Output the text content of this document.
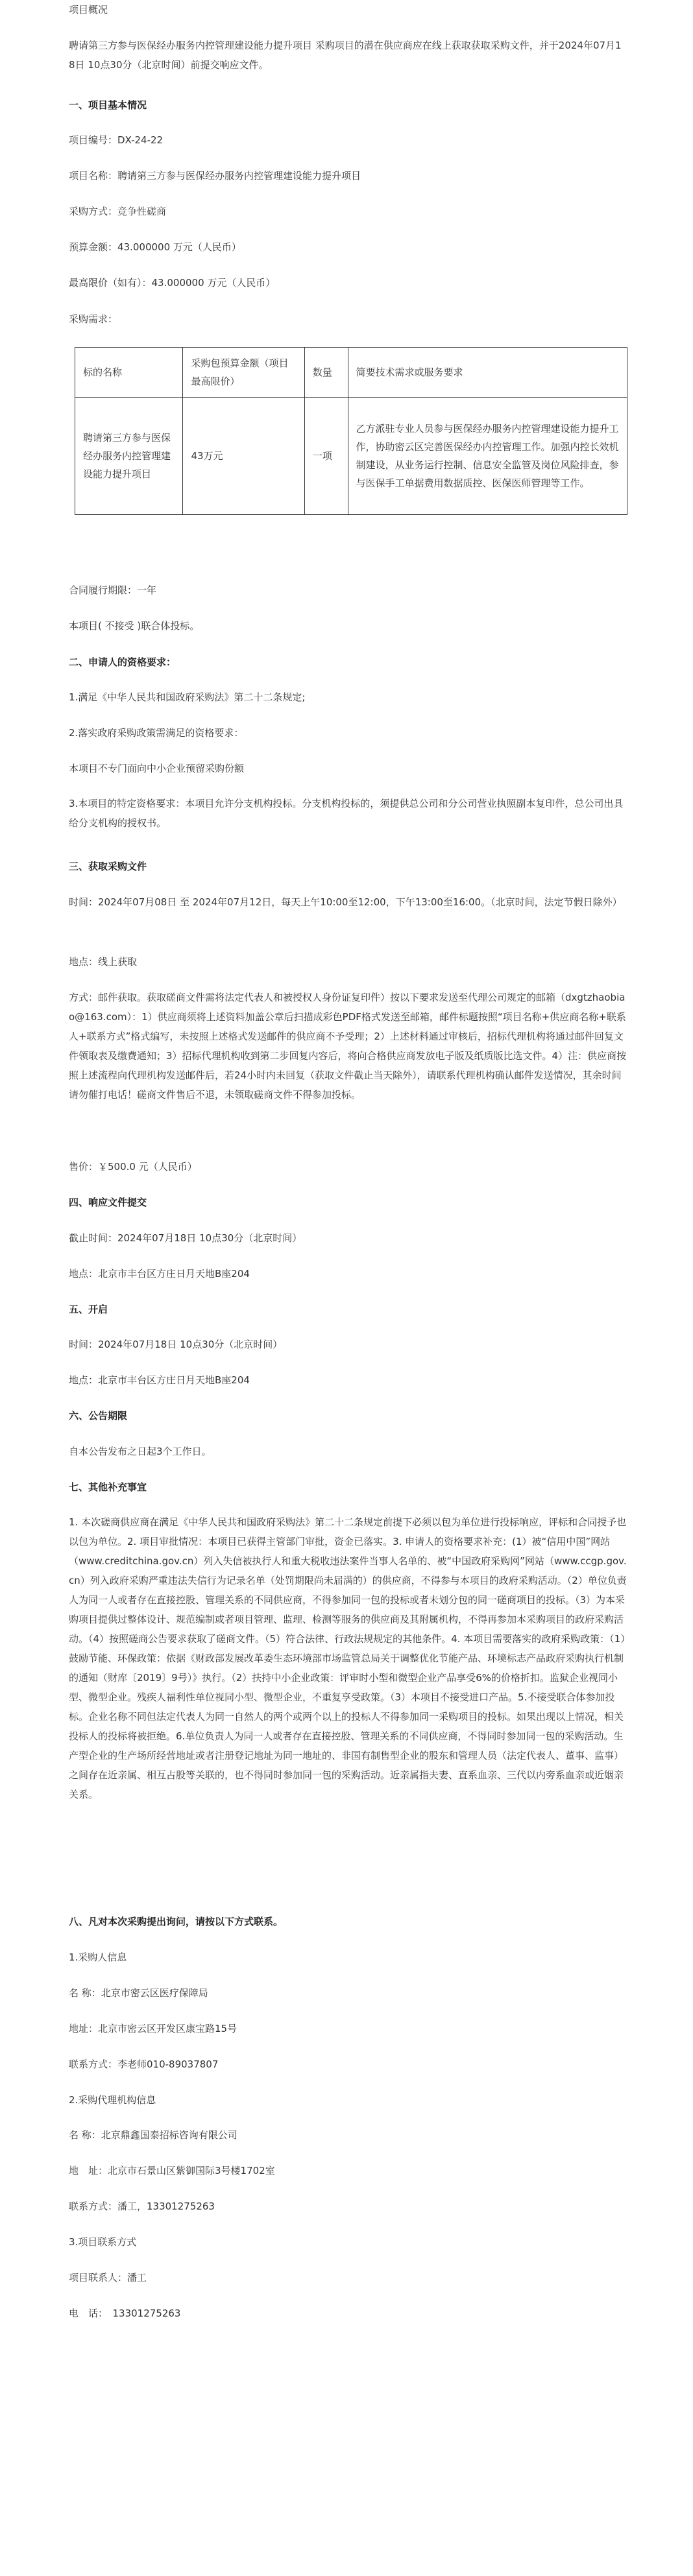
项目概况

聘请第三方参与医保经办服务内控管理建设能力提升项目 采购项目的潜在供应商应在线上获取获取采购文件，并于2024年07月18日 10点30分（北京时间）前提交响应文件。

一、项目基本情况

项目编号：DX-24-22

项目名称：聘请第三方参与医保经办服务内控管理建设能力提升项目

采购方式：竞争性磋商

预算金额：43.000000 万元（人民币）

最高限价（如有）：43.000000 万元（人民币）

采购需求：

标的名称	采购包预算金额（项目最高限价）	数量	简要技术需求或服务要求
聘请第三方参与医保经办服务内控管理建设能力提升项目	43万元	一项	乙方派驻专业人员参与医保经办服务内控管理建设能力提升工作，协助密云区完善医保经办内控管理工作。加强内控长效机制建设，从业务运行控制、信息安全监管及岗位风险排查，参与医保手工单据费用数据质控、医保医师管理等工作。

合同履行期限：一年

本项目( 不接受 )联合体投标。

二、申请人的资格要求：

1.满足《中华人民共和国政府采购法》第二十二条规定;

2.落实政府采购政策需满足的资格要求：

本项目不专门面向中小企业预留采购份额

3.本项目的特定资格要求：本项目允许分支机构投标。分支机构投标的，须提供总公司和分公司营业执照副本复印件，总公司出具给分支机构的授权书。

三、获取采购文件

时间：2024年07月08日 至 2024年07月12日，每天上午10:00至12:00，下午13:00至16:00。（北京时间，法定节假日除外）

地点：线上获取

方式：邮件获取。获取磋商文件需将法定代表人和被授权人身份证复印件）按以下要求发送至代理公司规定的邮箱（dxgtzhaobiao@163.com）：1）供应商须将上述资料加盖公章后扫描成彩色PDF格式发送至邮箱，邮件标题按照“项目名称+供应商名称+联系人+联系方式”格式编写，未按照上述格式发送邮件的供应商不予受理；2）上述材料通过审核后，招标代理机构将通过邮件回复文件领取表及缴费通知；3）招标代理机构收到第二步回复内容后，将向合格供应商发放电子版及纸质版比选文件。4）注：供应商按照上述流程向代理机构发送邮件后，若24小时内未回复（获取文件截止当天除外），请联系代理机构确认邮件发送情况，其余时间请勿催打电话！磋商文件售后不退，未领取磋商文件不得参加投标。

售价：￥500.0 元（人民币）

四、响应文件提交

截止时间：2024年07月18日 10点30分（北京时间）

地点：北京市丰台区方庄日月天地B座204

五、开启

时间：2024年07月18日 10点30分（北京时间）

地点：北京市丰台区方庄日月天地B座204

六、公告期限

自本公告发布之日起3个工作日。

七、其他补充事宜

1. 本次磋商供应商在满足《中华人民共和国政府采购法》第二十二条规定前提下必须以包为单位进行投标响应，评标和合同授予也以包为单位。2. 项目审批情况：本项目已获得主管部门审批，资金已落实。3. 申请人的资格要求补充：(1）被“信用中国”网站（www.creditchina.gov.cn）列入失信被执行人和重大税收违法案件当事人名单的、被“中国政府采购网”网站（www.ccgp.gov.cn）列入政府采购严重违法失信行为记录名单（处罚期限尚未届满的）的供应商，不得参与本项目的政府采购活动。（2）单位负责人为同一人或者存在直接控股、管理关系的不同供应商，不得参加同一包的投标或者未划分包的同一磋商项目的投标。（3）为本采购项目提供过整体设计、规范编制或者项目管理、监理、检测等服务的供应商及其附属机构，不得再参加本采购项目的政府采购活动。（4）按照磋商公告要求获取了磋商文件。（5）符合法律、行政法规规定的其他条件。4. 本项目需要落实的政府采购政策：（1）鼓励节能、环保政策：依据《财政部发展改革委生态环境部市场监管总局关于调整优化节能产品、环境标志产品政府采购执行机制的通知（财库〔2019〕9号）》执行。（2）扶持中小企业政策：评审时小型和微型企业产品享受6%的价格折扣。监狱企业视同小型、微型企业。残疾人福利性单位视同小型、微型企业，不重复享受政策。（3）本项目不接受进口产品。5.不接受联合体参加投标。企业名称不同但法定代表人为同一自然人的两个或两个以上的投标人不得参加同一采购项目的投标。如果出现以上情况，相关投标人的投标将被拒绝。6.单位负责人为同一人或者存在直接控股、管理关系的不同供应商，不得同时参加同一包的采购活动。生产型企业的生产场所经营地址或者注册登记地址为同一地址的、非国有制售型企业的股东和管理人员（法定代表人、董事、监事）之间存在近亲属、相互占股等关联的，也不得同时参加同一包的采购活动。近亲属指夫妻、直系血亲、三代以内旁系血亲或近姻亲关系。

八、凡对本次采购提出询问，请按以下方式联系。

1.采购人信息

名 称：北京市密云区医疗保障局

地址：北京市密云区开发区康宝路15号

联系方式：李老师010-89037807

2.采购代理机构信息

名 称：北京鼎鑫国泰招标咨询有限公司

地　址：北京市石景山区紫御国际3号楼1702室

联系方式：潘工，13301275263

3.项目联系方式

项目联系人：潘工

电　话：　13301275263
